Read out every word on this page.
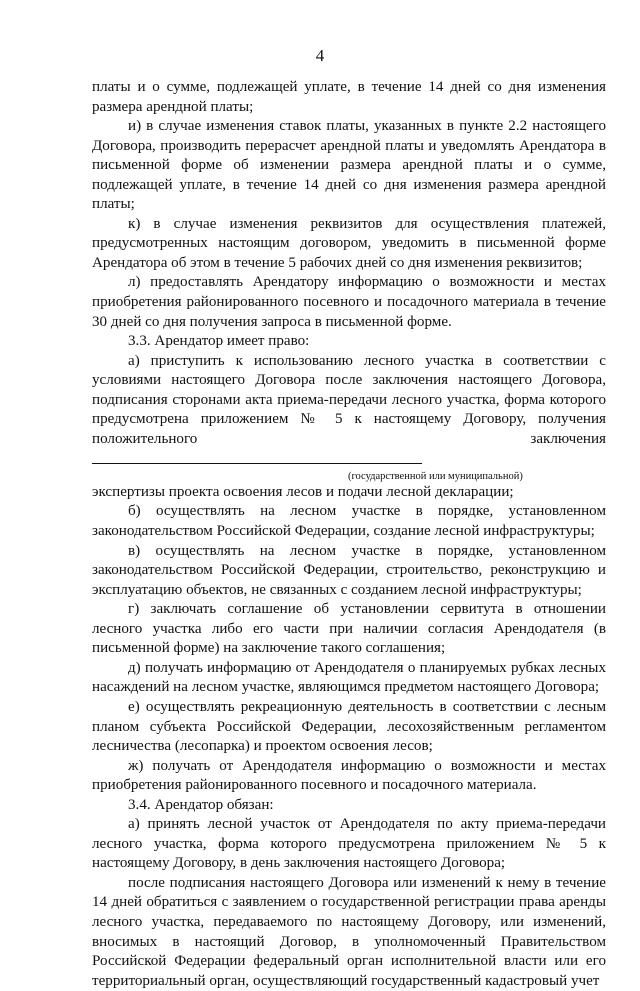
4

платы и о сумме, подлежащей уплате, в течение 14 дней со дня изменения размера арендной платы;

и) в случае изменения ставок платы, указанных в пункте 2.2 настоящего Договора, производить перерасчет арендной платы и уведомлять Арендатора в письменной форме об изменении размера арендной платы и о сумме, подлежащей уплате, в течение 14 дней со дня изменения размера арендной платы;

к) в случае изменения реквизитов для осуществления платежей, предусмотренных настоящим договором, уведомить в письменной форме Арендатора об этом в течение 5 рабочих дней со дня изменения реквизитов;

л) предоставлять Арендатору информацию о возможности и местах приобретения районированного посевного и посадочного материала в течение 30 дней со дня получения запроса в письменной форме.

3.3. Арендатор имеет право:

а) приступить к использованию лесного участка в соответствии с условиями настоящего Договора после заключения настоящего Договора, подписания сторонами акта приема-передачи лесного участка, форма которого предусмотрена приложением № 5 к настоящему Договору, получения положительного заключения

(государственной или муниципальной)

экспертизы проекта освоения лесов и подачи лесной декларации;

б) осуществлять на лесном участке в порядке, установленном законодательством Российской Федерации, создание лесной инфраструктуры;

в) осуществлять на лесном участке в порядке, установленном законодательством Российской Федерации, строительство, реконструкцию и эксплуатацию объектов, не связанных с созданием лесной инфраструктуры;

г) заключать соглашение об установлении сервитута в отношении лесного участка либо его части при наличии согласия Арендодателя (в письменной форме) на заключение такого соглашения;

д) получать информацию от Арендодателя о планируемых рубках лесных насаждений на лесном участке, являющимся предметом настоящего Договора;

е) осуществлять рекреационную деятельность в соответствии с лесным планом субъекта Российской Федерации, лесохозяйственным регламентом лесничества (лесопарка) и проектом освоения лесов;

ж) получать от Арендодателя информацию о возможности и местах приобретения районированного посевного и посадочного материала.

3.4. Арендатор обязан:

а) принять лесной участок от Арендодателя по акту приема-передачи лесного участка, форма которого предусмотрена приложением № 5 к настоящему Договору, в день заключения настоящего Договора;

после подписания настоящего Договора или изменений к нему в течение 14 дней обратиться с заявлением о государственной регистрации права аренды лесного участка, передаваемого по настоящему Договору, или изменений, вносимых в настоящий Договор, в уполномоченный Правительством Российской Федерации федеральный орган исполнительной власти или его территориальный орган, осуществляющий государственный кадастровый учет
